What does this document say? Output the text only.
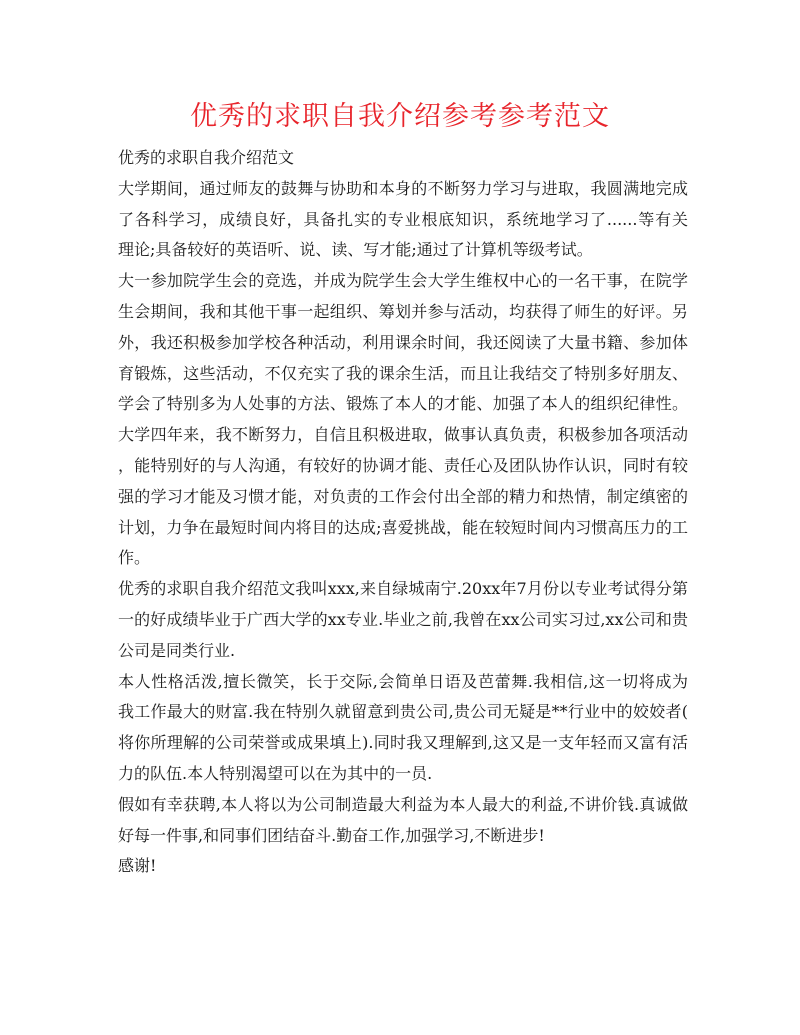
优秀的求职自我介绍参考参考范文
优秀的求职自我介绍范文
大学期间，通过师友的鼓舞与协助和本身的不断努力学习与进取，我圆满地完成
了各科学习，成绩良好，具备扎实的专业根底知识，系统地学习了......等有关
理论;具备较好的英语听、说、读、写才能;通过了计算机等级考试。
大一参加院学生会的竞选，并成为院学生会大学生维权中心的一名干事，在院学
生会期间，我和其他干事一起组织、筹划并参与活动，均获得了师生的好评。另
外，我还积极参加学校各种活动，利用课余时间，我还阅读了大量书籍、参加体
育锻炼，这些活动，不仅充实了我的课余生活，而且让我结交了特别多好朋友、
学会了特别多为人处事的方法、锻炼了本人的才能、加强了本人的组织纪律性。
大学四年来，我不断努力，自信且积极进取，做事认真负责，积极参加各项活动
，能特别好的与人沟通，有较好的协调才能、责任心及团队协作认识，同时有较
强的学习才能及习惯才能，对负责的工作会付出全部的精力和热情，制定缜密的
计划，力争在最短时间内将目的达成;喜爱挑战，能在较短时间内习惯高压力的工
作。
优秀的求职自我介绍范文我叫xxx,来自绿城南宁.20xx年7月份以专业考试得分第
一的好成绩毕业于广西大学的xx专业.毕业之前,我曾在xx公司实习过,xx公司和贵
公司是同类行业.
本人性格活泼,擅长微笑，长于交际,会简单日语及芭蕾舞.我相信,这一切将成为
我工作最大的财富.我在特别久就留意到贵公司,贵公司无疑是**行业中的姣姣者(
将你所理解的公司荣誉或成果填上).同时我又理解到,这又是一支年轻而又富有活
力的队伍.本人特别渴望可以在为其中的一员.
假如有幸获聘,本人将以为公司制造最大利益为本人最大的利益,不讲价钱.真诚做
好每一件事,和同事们团结奋斗.勤奋工作,加强学习,不断进步!
感谢!
